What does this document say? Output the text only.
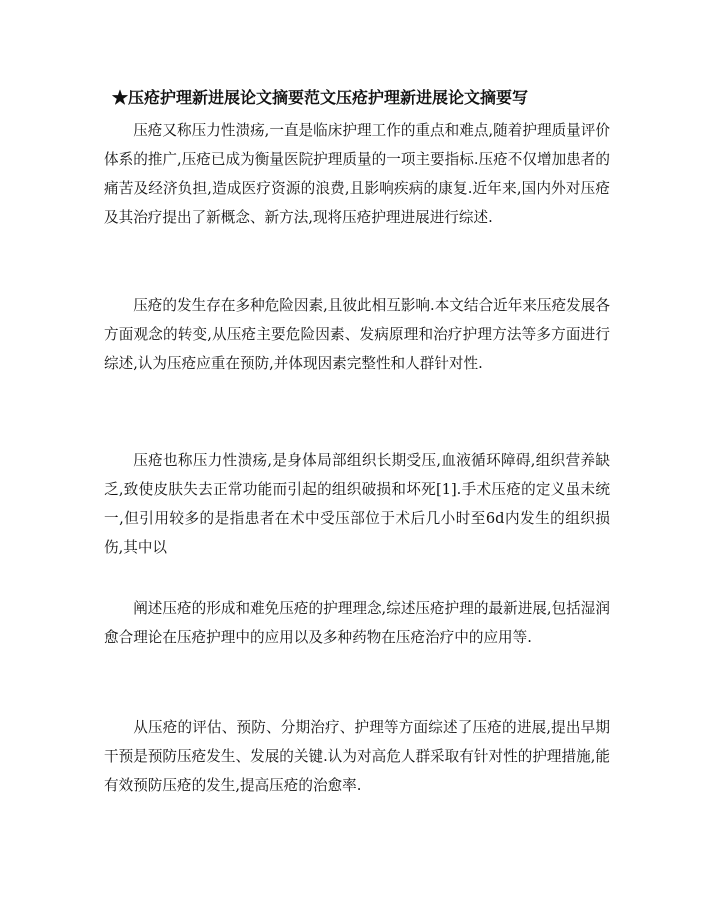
★压疮护理新进展论文摘要范文压疮护理新进展论文摘要写

压疮又称压力性溃疡,一直是临床护理工作的重点和难点,随着护理质量评价体系的推广,压疮已成为衡量医院护理质量的一项主要指标.压疮不仅增加患者的痛苦及经济负担,造成医疗资源的浪费,且影响疾病的康复.近年来,国内外对压疮及其治疗提出了新概念、新方法,现将压疮护理进展进行综述.

压疮的发生存在多种危险因素,且彼此相互影响.本文结合近年来压疮发展各方面观念的转变,从压疮主要危险因素、发病原理和治疗护理方法等多方面进行综述,认为压疮应重在预防,并体现因素完整性和人群针对性.

压疮也称压力性溃疡,是身体局部组织长期受压,血液循环障碍,组织营养缺乏,致使皮肤失去正常功能而引起的组织破损和坏死[1].手术压疮的定义虽未统一,但引用较多的是指患者在术中受压部位于术后几小时至6d内发生的组织损伤,其中以

阐述压疮的形成和难免压疮的护理理念,综述压疮护理的最新进展,包括湿润愈合理论在压疮护理中的应用以及多种药物在压疮治疗中的应用等.

从压疮的评估、预防、分期治疗、护理等方面综述了压疮的进展,提出早期干预是预防压疮发生、发展的关键.认为对高危人群采取有针对性的护理措施,能有效预防压疮的发生,提高压疮的治愈率.
